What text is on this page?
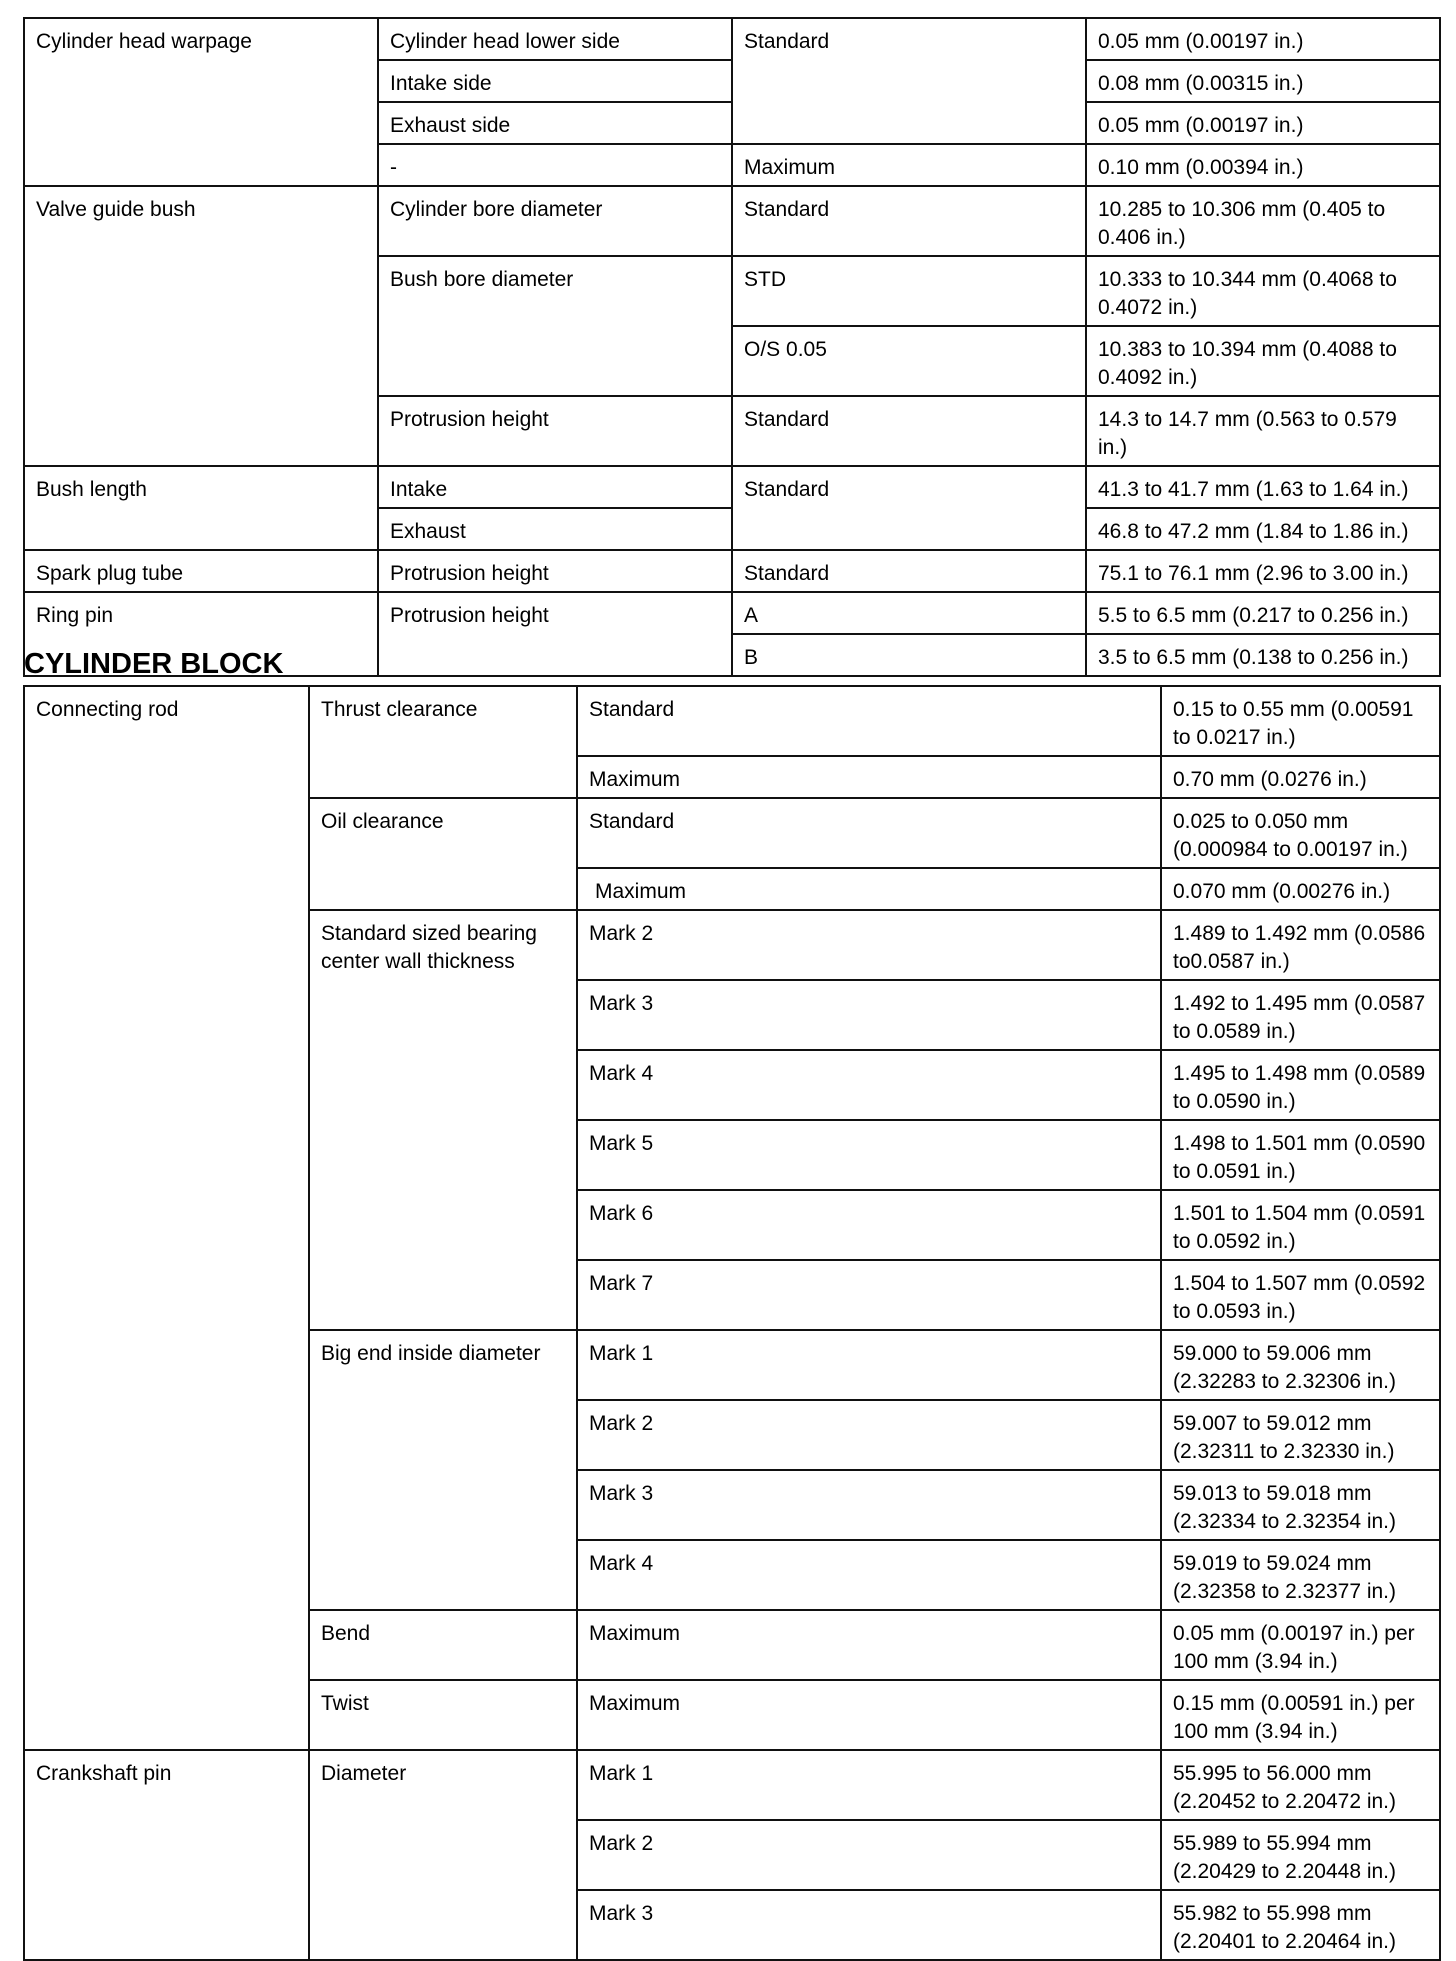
Cylinder head warpage	Cylinder head lower side	Standard	0.05 mm (0.00197 in.)
	Intake side		0.08 mm (0.00315 in.)
	Exhaust side		0.05 mm (0.00197 in.)
	-	Maximum	0.10 mm (0.00394 in.)
Valve guide bush	Cylinder bore diameter	Standard	10.285 to 10.306 mm (0.405 to 0.406 in.)
	Bush bore diameter	STD	10.333 to 10.344 mm (0.4068 to 0.4072 in.)
		O/S 0.05	10.383 to 10.394 mm (0.4088 to 0.4092 in.)
	Protrusion height	Standard	14.3 to 14.7 mm (0.563 to 0.579 in.)
Bush length	Intake	Standard	41.3 to 41.7 mm (1.63 to 1.64 in.)
	Exhaust		46.8 to 47.2 mm (1.84 to 1.86 in.)
Spark plug tube	Protrusion height	Standard	75.1 to 76.1 mm (2.96 to 3.00 in.)
Ring pin	Protrusion height	A	5.5 to 6.5 mm (0.217 to 0.256 in.)
		B	3.5 to 6.5 mm (0.138 to 0.256 in.)
CYLINDER BLOCK
Connecting rod	Thrust clearance	Standard	0.15 to 0.55 mm (0.00591 to 0.0217 in.)
		Maximum	0.70 mm (0.0276 in.)
	Oil clearance	Standard	0.025 to 0.050 mm (0.000984 to 0.00197 in.)
		Maximum	0.070 mm (0.00276 in.)
	Standard sized bearing center wall thickness	Mark 2	1.489 to 1.492 mm (0.0586 to0.0587 in.)
		Mark 3	1.492 to 1.495 mm (0.0587 to 0.0589 in.)
		Mark 4	1.495 to 1.498 mm (0.0589 to 0.0590 in.)
		Mark 5	1.498 to 1.501 mm (0.0590 to 0.0591 in.)
		Mark 6	1.501 to 1.504 mm (0.0591 to 0.0592 in.)
		Mark 7	1.504 to 1.507 mm (0.0592 to 0.0593 in.)
	Big end inside diameter	Mark 1	59.000 to 59.006 mm (2.32283 to 2.32306 in.)
		Mark 2	59.007 to 59.012 mm (2.32311 to 2.32330 in.)
		Mark 3	59.013 to 59.018 mm (2.32334 to 2.32354 in.)
		Mark 4	59.019 to 59.024 mm (2.32358 to 2.32377 in.)
	Bend	Maximum	0.05 mm (0.00197 in.) per 100 mm (3.94 in.)
	Twist	Maximum	0.15 mm (0.00591 in.) per 100 mm (3.94 in.)
Crankshaft pin	Diameter	Mark 1	55.995 to 56.000 mm (2.20452 to 2.20472 in.)
		Mark 2	55.989 to 55.994 mm (2.20429 to 2.20448 in.)
		Mark 3	55.982 to 55.998 mm (2.20401 to 2.20464 in.)
